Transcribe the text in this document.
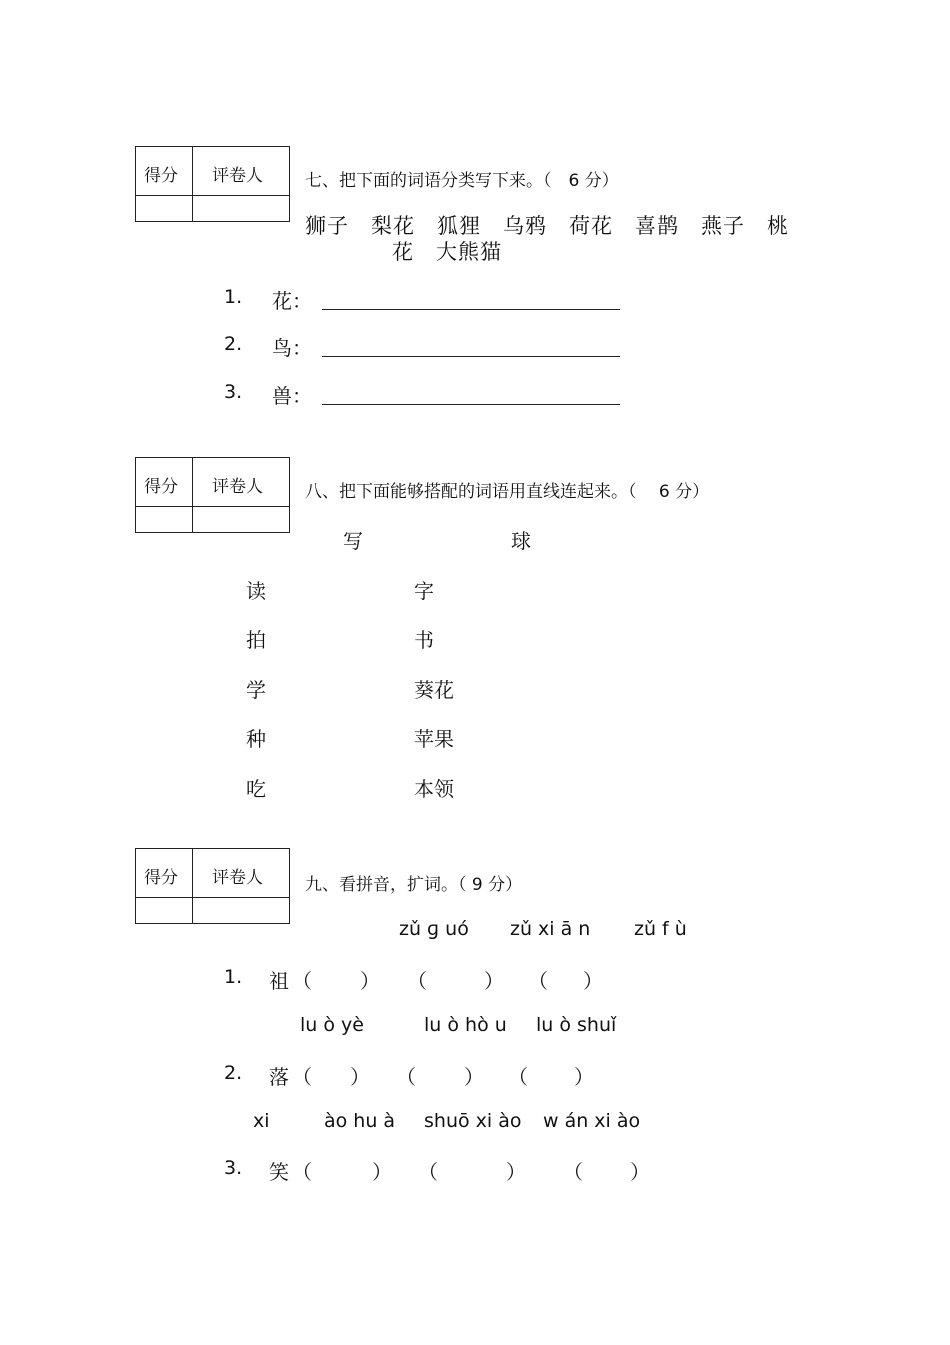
得分 评卷人 七、把下面的词语分类写下来。（　6 分）
狮子　梨花　狐狸　乌鸦　荷花　喜鹊　燕子　桃
花　大熊猫
1. 花：
2. 鸟：
3. 兽：
得分 评卷人 八、把下面能够搭配的词语用直线连起来。（　 6 分）
写	球
读	字
拍	书
学	葵花
种	苹果
吃	本领
得分 评卷人 九、看拼音，扩词。（ 9 分）
zǔ ɡ uó zǔ xi ā n zǔ f ù
1. 祖 （ ） （	） （ ）
lu ò yè	lu ò hò u lu ò shuǐ
2. 落 （ ） （ ） （ ）
xi	ào hu à shuō xi ào w án xi ào
3. 笑 （	） （	） （ ）
